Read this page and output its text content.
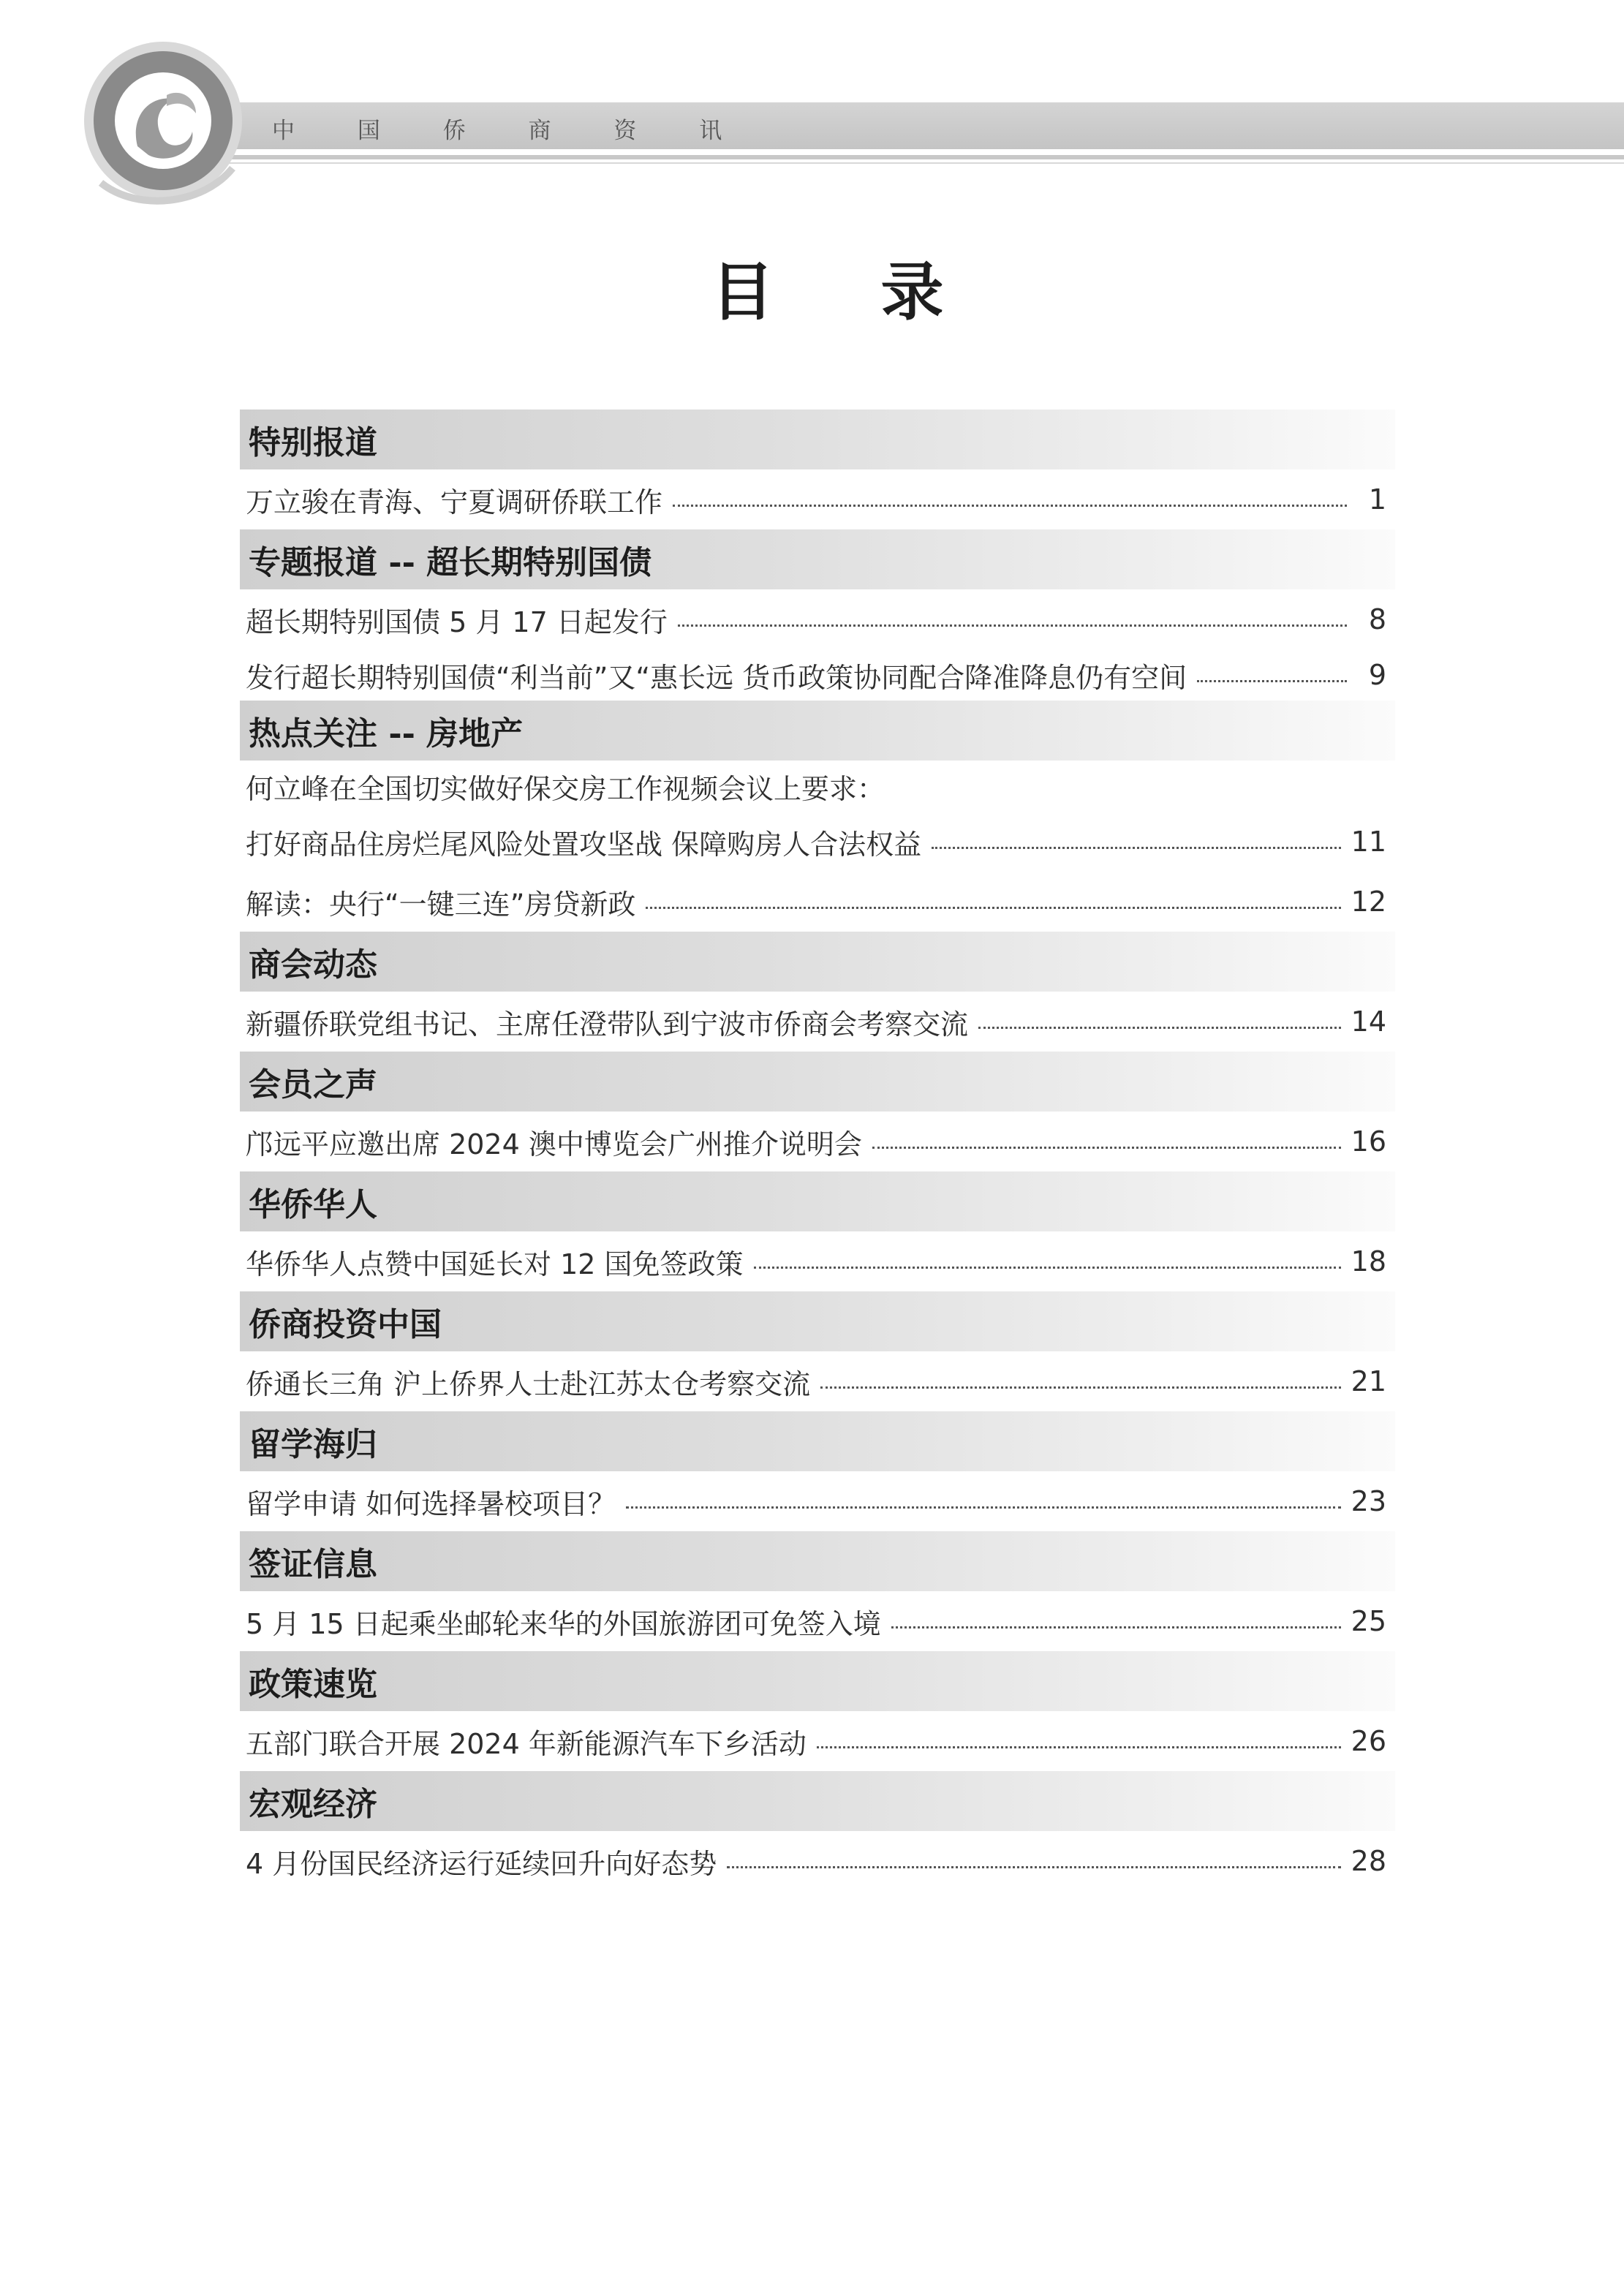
中 国 侨 商 资 讯
目 录
特别报道
万立骏在青海、宁夏调研侨联工作	1
专题报道 -- 超长期特别国债
超长期特别国债 5 月 17 日起发行	8
发行超长期特别国债“利当前”又“惠长远 货币政策协同配合降准降息仍有空间	9
热点关注 -- 房地产
何立峰在全国切实做好保交房工作视频会议上要求：
打好商品住房烂尾风险处置攻坚战 保障购房人合法权益	11
解读：央行“一键三连”房贷新政	12
商会动态
新疆侨联党组书记、主席任澄带队到宁波市侨商会考察交流	14
会员之声
邝远平应邀出席 2024 澳中博览会广州推介说明会	16
华侨华人
华侨华人点赞中国延长对 12 国免签政策	18
侨商投资中国
侨通长三角 沪上侨界人士赴江苏太仓考察交流	21
留学海归
留学申请 如何选择暑校项目？	23
签证信息
5 月 15 日起乘坐邮轮来华的外国旅游团可免签入境	25
政策速览
五部门联合开展 2024 年新能源汽车下乡活动	26
宏观经济
4 月份国民经济运行延续回升向好态势	28
